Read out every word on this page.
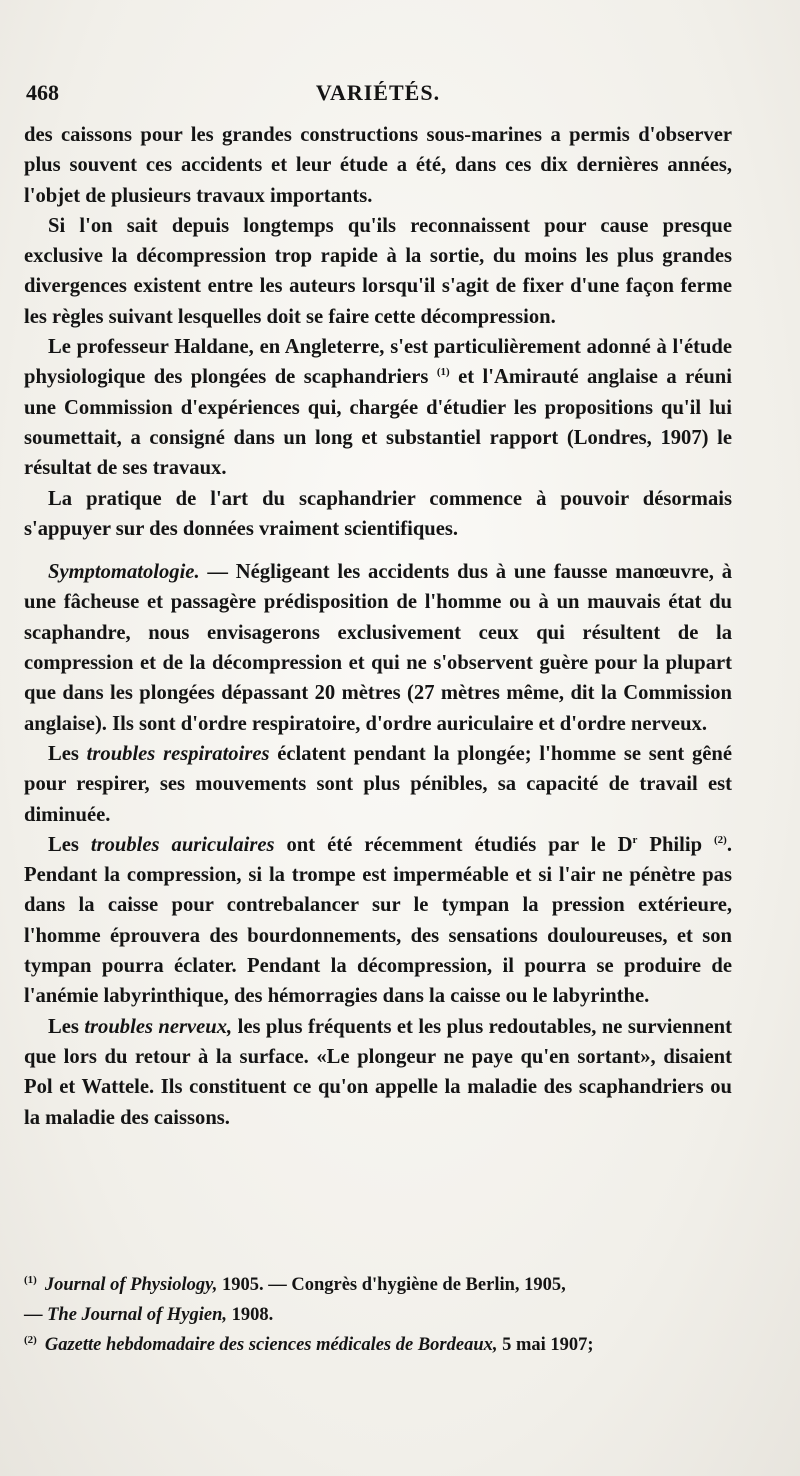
468	VARIÉTÉS.

des caissons pour les grandes constructions sous-marines a permis d'observer plus souvent ces accidents et leur étude a été, dans ces dix dernières années, l'objet de plusieurs travaux importants.

Si l'on sait depuis longtemps qu'ils reconnaissent pour cause presque exclusive la décompression trop rapide à la sortie, du moins les plus grandes divergences existent entre les auteurs lorsqu'il s'agit de fixer d'une façon ferme les règles suivant lesquelles doit se faire cette décompression.

Le professeur Haldane, en Angleterre, s'est particulièrement adonné à l'étude physiologique des plongées de scaphandriers $^{(1)}$ et l'Amirauté anglaise a réuni une Commission d'expériences qui, chargée d'étudier les propositions qu'il lui soumettait, a consigné dans un long et substantiel rapport (Londres, 1907) le résultat de ses travaux.

La pratique de l'art du scaphandrier commence à pouvoir désormais s'appuyer sur des données vraiment scientifiques.

Symptomatologie. — Négligeant les accidents dus à une fausse manœuvre, à une fâcheuse et passagère prédisposition de l'homme ou à un mauvais état du scaphandre, nous envisagerons exclusivement ceux qui résultent de la compression et de la décompression et qui ne s'observent guère pour la plupart que dans les plongées dépassant 20 mètres (27 mètres même, dit la Commission anglaise). Ils sont d'ordre respiratoire, d'ordre auriculaire et d'ordre nerveux.

Les troubles respiratoires éclatent pendant la plongée; l'homme se sent gêné pour respirer, ses mouvements sont plus pénibles, sa capacité de travail est diminuée.

Les troubles auriculaires ont été récemment étudiés par le $D^r$ Philip $^{(2)}$. Pendant la compression, si la trompe est imperméable et si l'air ne pénètre pas dans la caisse pour contrebalancer sur le tympan la pression extérieure, l'homme éprouvera des bourdonnements, des sensations douloureuses, et son tympan pourra éclater. Pendant la décompression, il pourra se produire de l'anémie labyrinthique, des hémorragies dans la caisse ou le labyrinthe.

Les troubles nerveux, les plus fréquents et les plus redoutables, ne surviennent que lors du retour à la surface. «Le plongeur ne paye qu'en sortant», disaient Pol et Wattele. Ils constituent ce qu'on appelle la maladie des scaphandriers ou la maladie des caissons.

$^{(1)}$ Journal of Physiology, 1905. — Congrès d'hygiène de Berlin, 1905,
— The Journal of Hygien, 1908.

$^{(2)}$ Gazette hebdomadaire des sciences médicales de Bordeaux, 5 mai 1907;
